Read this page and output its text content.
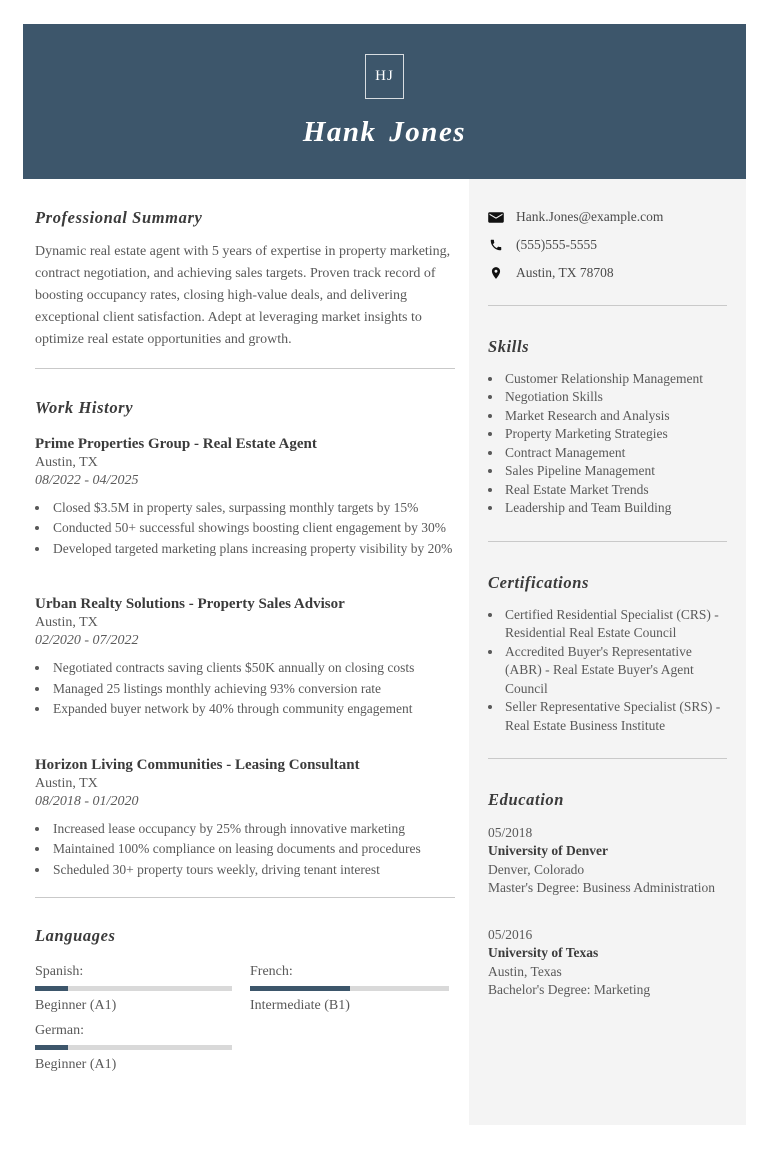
HJ
Hank Jones
Professional Summary

Dynamic real estate agent with 5 years of expertise in property marketing, contract negotiation, and achieving sales targets. Proven track record of boosting occupancy rates, closing high-value deals, and delivering exceptional client satisfaction. Adept at leveraging market insights to optimize real estate opportunities and growth.

Work History
Prime Properties Group - Real Estate Agent
Austin, TX
08/2022 - 04/2025
• Closed $3.5M in property sales, surpassing monthly targets by 15%
• Conducted 50+ successful showings boosting client engagement by 30%
• Developed targeted marketing plans increasing property visibility by 20%
Urban Realty Solutions - Property Sales Advisor
Austin, TX
02/2020 - 07/2022
• Negotiated contracts saving clients $50K annually on closing costs
• Managed 25 listings monthly achieving 93% conversion rate
• Expanded buyer network by 40% through community engagement
Horizon Living Communities - Leasing Consultant
Austin, TX
08/2018 - 01/2020
• Increased lease occupancy by 25% through innovative marketing
• Maintained 100% compliance on leasing documents and procedures
• Scheduled 30+ property tours weekly, driving tenant interest
Languages
Spanish:
Beginner (A1)
French:
Intermediate (B1)
German:
Beginner (A1)
Hank.Jones@example.com
(555)555-5555
Austin, TX 78708
Skills
• Customer Relationship Management
• Negotiation Skills
• Market Research and Analysis
• Property Marketing Strategies
• Contract Management
• Sales Pipeline Management
• Real Estate Market Trends
• Leadership and Team Building
Certifications
• Certified Residential Specialist (CRS) - Residential Real Estate Council
• Accredited Buyer's Representative (ABR) - Real Estate Buyer's Agent Council
• Seller Representative Specialist (SRS) - Real Estate Business Institute
Education
05/2018
University of Denver
Denver, Colorado
Master's Degree: Business Administration
05/2016
University of Texas
Austin, Texas
Bachelor's Degree: Marketing
